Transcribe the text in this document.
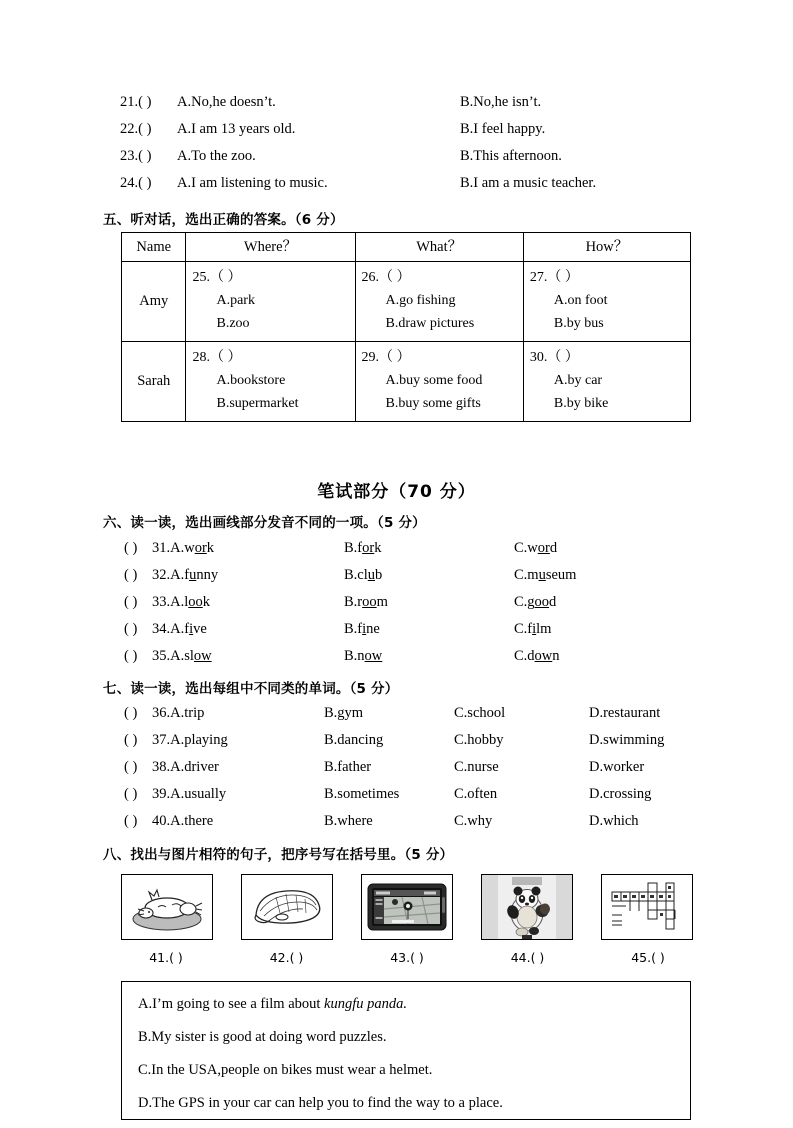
21.( ) A.No,he doesn’t.	B.No,he isn’t.
22.( ) A.I am 13 years old.	B.I feel happy.
23.( ) A.To the zoo.	B.This afternoon.
24.( ) A.I am listening to music.	B.I am a music teacher.
五、听对话，选出正确的答案。（6 分）
Name	Where？	What？	How？
Amy	25.（ ）
A.park
B.zoo	26.（ ）
A.go fishing
B.draw pictures	27.（ ）
A.on foot
B.by bus

Sarah	28.（ ）
A.bookstore
B.supermarket	29.（ ）
A.buy some food
B.buy some gifts	30.（ ）
A.by car
B.by bike
笔试部分（70 分）
六、读一读，选出画线部分发音不同的一项。（5 分）
( ) 31.A.work	B.fork	C.word
( ) 32.A.funny	B.club	C.museum
( ) 33.A.look	B.room	C.good
( ) 34.A.five	B.fine	C.film
( ) 35.A.slow	B.now	C.down
七、读一读，选出每组中不同类的单词。（5 分）
( ) 36.A.trip	B.gym	C.school	D.restaurant
( ) 37.A.playing	B.dancing	C.hobby	D.swimming
( ) 38.A.driver	B.father	C.nurse	D.worker
( ) 39.A.usually	B.sometimes	C.often	D.crossing
( ) 40.A.there	B.where	C.why	D.which
八、找出与图片相符的句子，把序号写在括号里。（5 分）
41.( )	42.( )	43.( )	44.( )	45.( )
A.I’m going to see a film about kungfu panda.
B.My sister is good at doing word puzzles.
C.In the USA,people on bikes must wear a helmet.
D.The GPS in your car can help you to find the way to a place.
